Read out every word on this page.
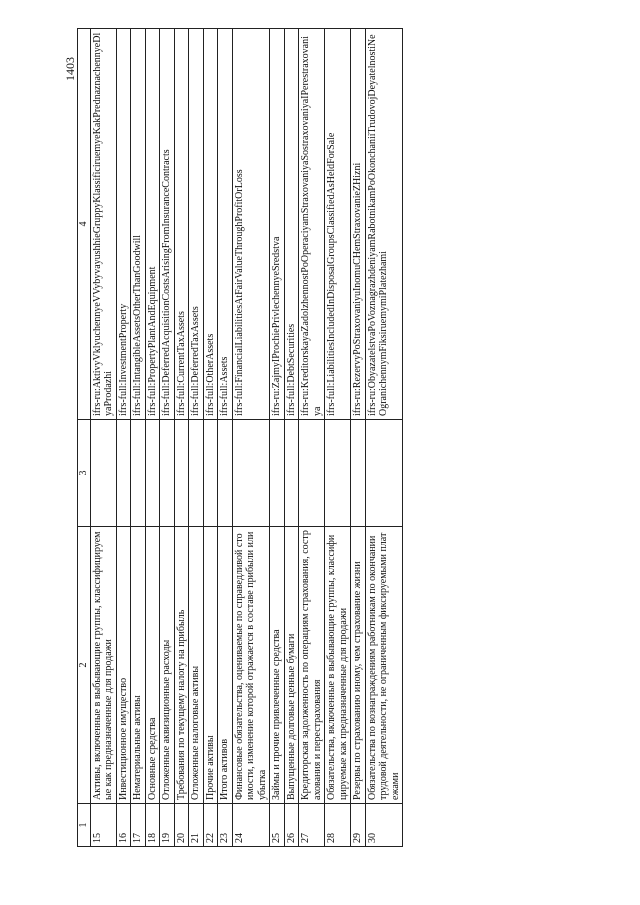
1403
1	2	3	4
15	Активы, включенные в выбывающие группы, классифицируемые как предназначенные для продажи		ifrs-ru:AktivyVklyuchennyeVVybyvayushhieGruppyKlassificiruemyeKakPrednaznachennyeDlyaProdazhi
16	Инвестиционное имущество		ifrs-full:InvestmentProperty
17	Нематериальные активы		ifrs-full:IntangibleAssetsOtherThanGoodwill
18	Основные средства		ifrs-full:PropertyPlantAndEquipment
19	Отложенные аквизиционные расходы		ifrs-full:DeferredAcquisitionCostsArisingFromInsuranceContracts
20	Требования по текущему налогу на прибыль		ifrs-full:CurrentTaxAssets
21	Отложенные налоговые активы		ifrs-full:DeferredTaxAssets
22	Прочие активы		ifrs-full:OtherAssets
23	Итого активов		ifrs-full:Assets
24	Финансовые обязательства, оцениваемые по справедливой стоимости, изменение которой отражается в составе прибыли или убытка		ifrs-full:FinancialLiabilitiesAtFairValueThroughProfitOrLoss
25	Займы и прочие привлеченные средства		ifrs-ru:ZajmyIProchiePrivlechennyeSredstva
26	Выпущенные долговые ценные бумаги		ifrs-full:DebtSecurities
27	Кредиторская задолженность по операциям страхования, сострахования и перестрахования		ifrs-ru:KreditorskayaZadolzhennostPoOperaciyamStraxovaniyaSostraxovaniyaIPerestraxovaniya
28	Обязательства, включенные в выбывающие группы, классифицируемые как предназначенные для продажи		ifrs-full:LiabilitiesIncludedInDisposalGroupsClassifiedAsHeldForSale
29	Резервы по страхованию иному, чем страхование жизни		ifrs-ru:RezervyPoStraxovaniyuInomuCHemStraxovanieZHizni
30	Обязательства по вознаграждениям работникам по окончании трудовой деятельности, не ограниченным фиксируемыми платежами		ifrs-ru:ObyazatelstvaPoVoznagrazhdeniyamRabotnikamPoOkonchaniiTrudovojDeyatelnostiNeOgranichennymFiksiruemymiPlatezhami
